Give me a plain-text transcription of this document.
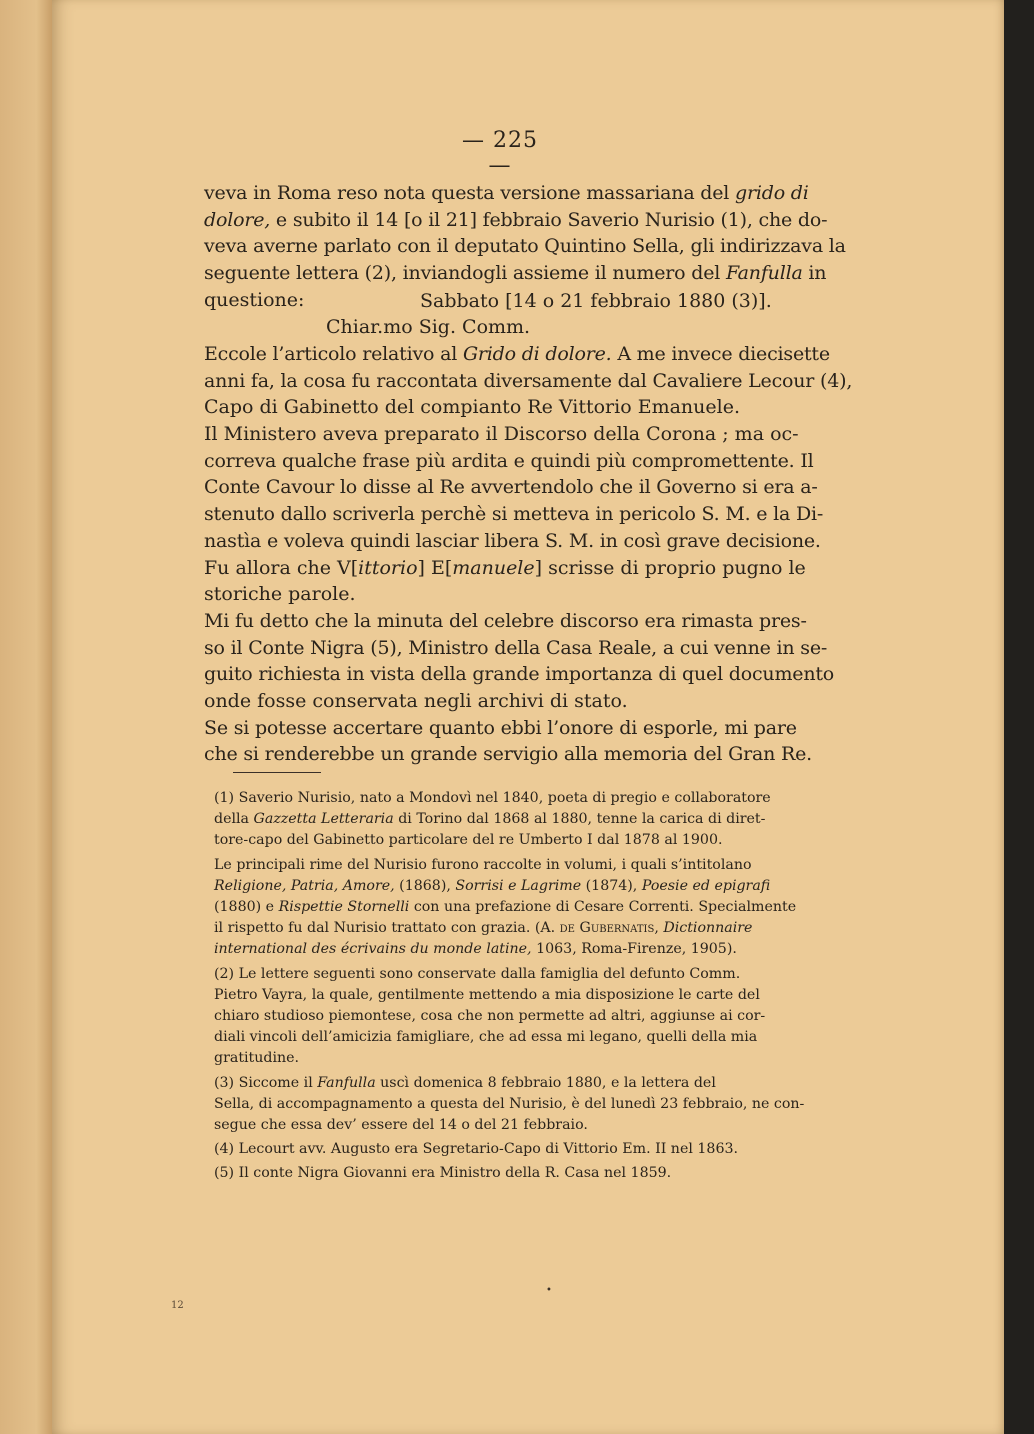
— 225 —

veva in Roma reso nota questa versione massariana del grido di
dolore, e subito il 14 [o il 21] febbraio Saverio Nurisio (1), che do-
veva averne parlato con il deputato Quintino Sella, gli indirizzava la
seguente lettera (2), inviandogli assieme il numero del Fanfulla in
questione:	Sabbato [14 o 21 febbraio 1880 (3)].

Chiar.mo Sig. Comm.

Eccole l’articolo relativo al Grido di dolore. A me invece diecisette
anni fa, la cosa fu raccontata diversamente dal Cavaliere Lecour (4),
Capo di Gabinetto del compianto Re Vittorio Emanuele.

Il Ministero aveva preparato il Discorso della Corona ; ma oc-
correva qualche frase più ardita e quindi più compromettente. Il
Conte Cavour lo disse al Re avvertendolo che il Governo si era a-
stenuto dallo scriverla perchè si metteva in pericolo S. M. e la Di-
nastìa e voleva quindi lasciar libera S. M. in così grave decisione.

Fu allora che V[ittorio] E[manuele] scrisse di proprio pugno le
storiche parole.

Mi fu detto che la minuta del celebre discorso era rimasta pres-
so il Conte Nigra (5), Ministro della Casa Reale, a cui venne in se-
guito richiesta in vista della grande importanza di quel documento
onde fosse conservata negli archivi di stato.

Se si potesse accertare quanto ebbi l’onore di esporle, mi pare
che si renderebbe un grande servigio alla memoria del Gran Re.

(1) Saverio Nurisio, nato a Mondovì nel 1840, poeta di pregio e collaboratore
della Gazzetta Letteraria di Torino dal 1868 al 1880, tenne la carica di diret-
tore-capo del Gabinetto particolare del re Umberto I dal 1878 al 1900.
Le principali rime del Nurisio furono raccolte in volumi, i quali s’intitolano
Religione, Patria, Amore, (1868), Sorrisi e Lagrime (1874), Poesie ed epigrafi
(1880) e Rispettie Stornelli con una prefazione di Cesare Correnti. Specialmente
il rispetto fu dal Nurisio trattato con grazia. (A. de Gubernatis, Dictionnaire
international des écrivains du monde latine, 1063, Roma-Firenze, 1905).
(2) Le lettere seguenti sono conservate dalla famiglia del defunto Comm.
Pietro Vayra, la quale, gentilmente mettendo a mia disposizione le carte del
chiaro studioso piemontese, cosa che non permette ad altri, aggiunse ai cor-
diali vincoli dell’amicizia famigliare, che ad essa mi legano, quelli della mia
gratitudine.
(3) Siccome il Fanfulla uscì domenica 8 febbraio 1880, e la lettera del
Sella, di accompagnamento a questa del Nurisio, è del lunedì 23 febbraio, ne con-
segue che essa dev’ essere del 14 o del 21 febbraio.
(4) Lecourt avv. Augusto era Segretario-Capo di Vittorio Em. II nel 1863.
(5) Il conte Nigra Giovanni era Ministro della R. Casa nel 1859.
•
12
